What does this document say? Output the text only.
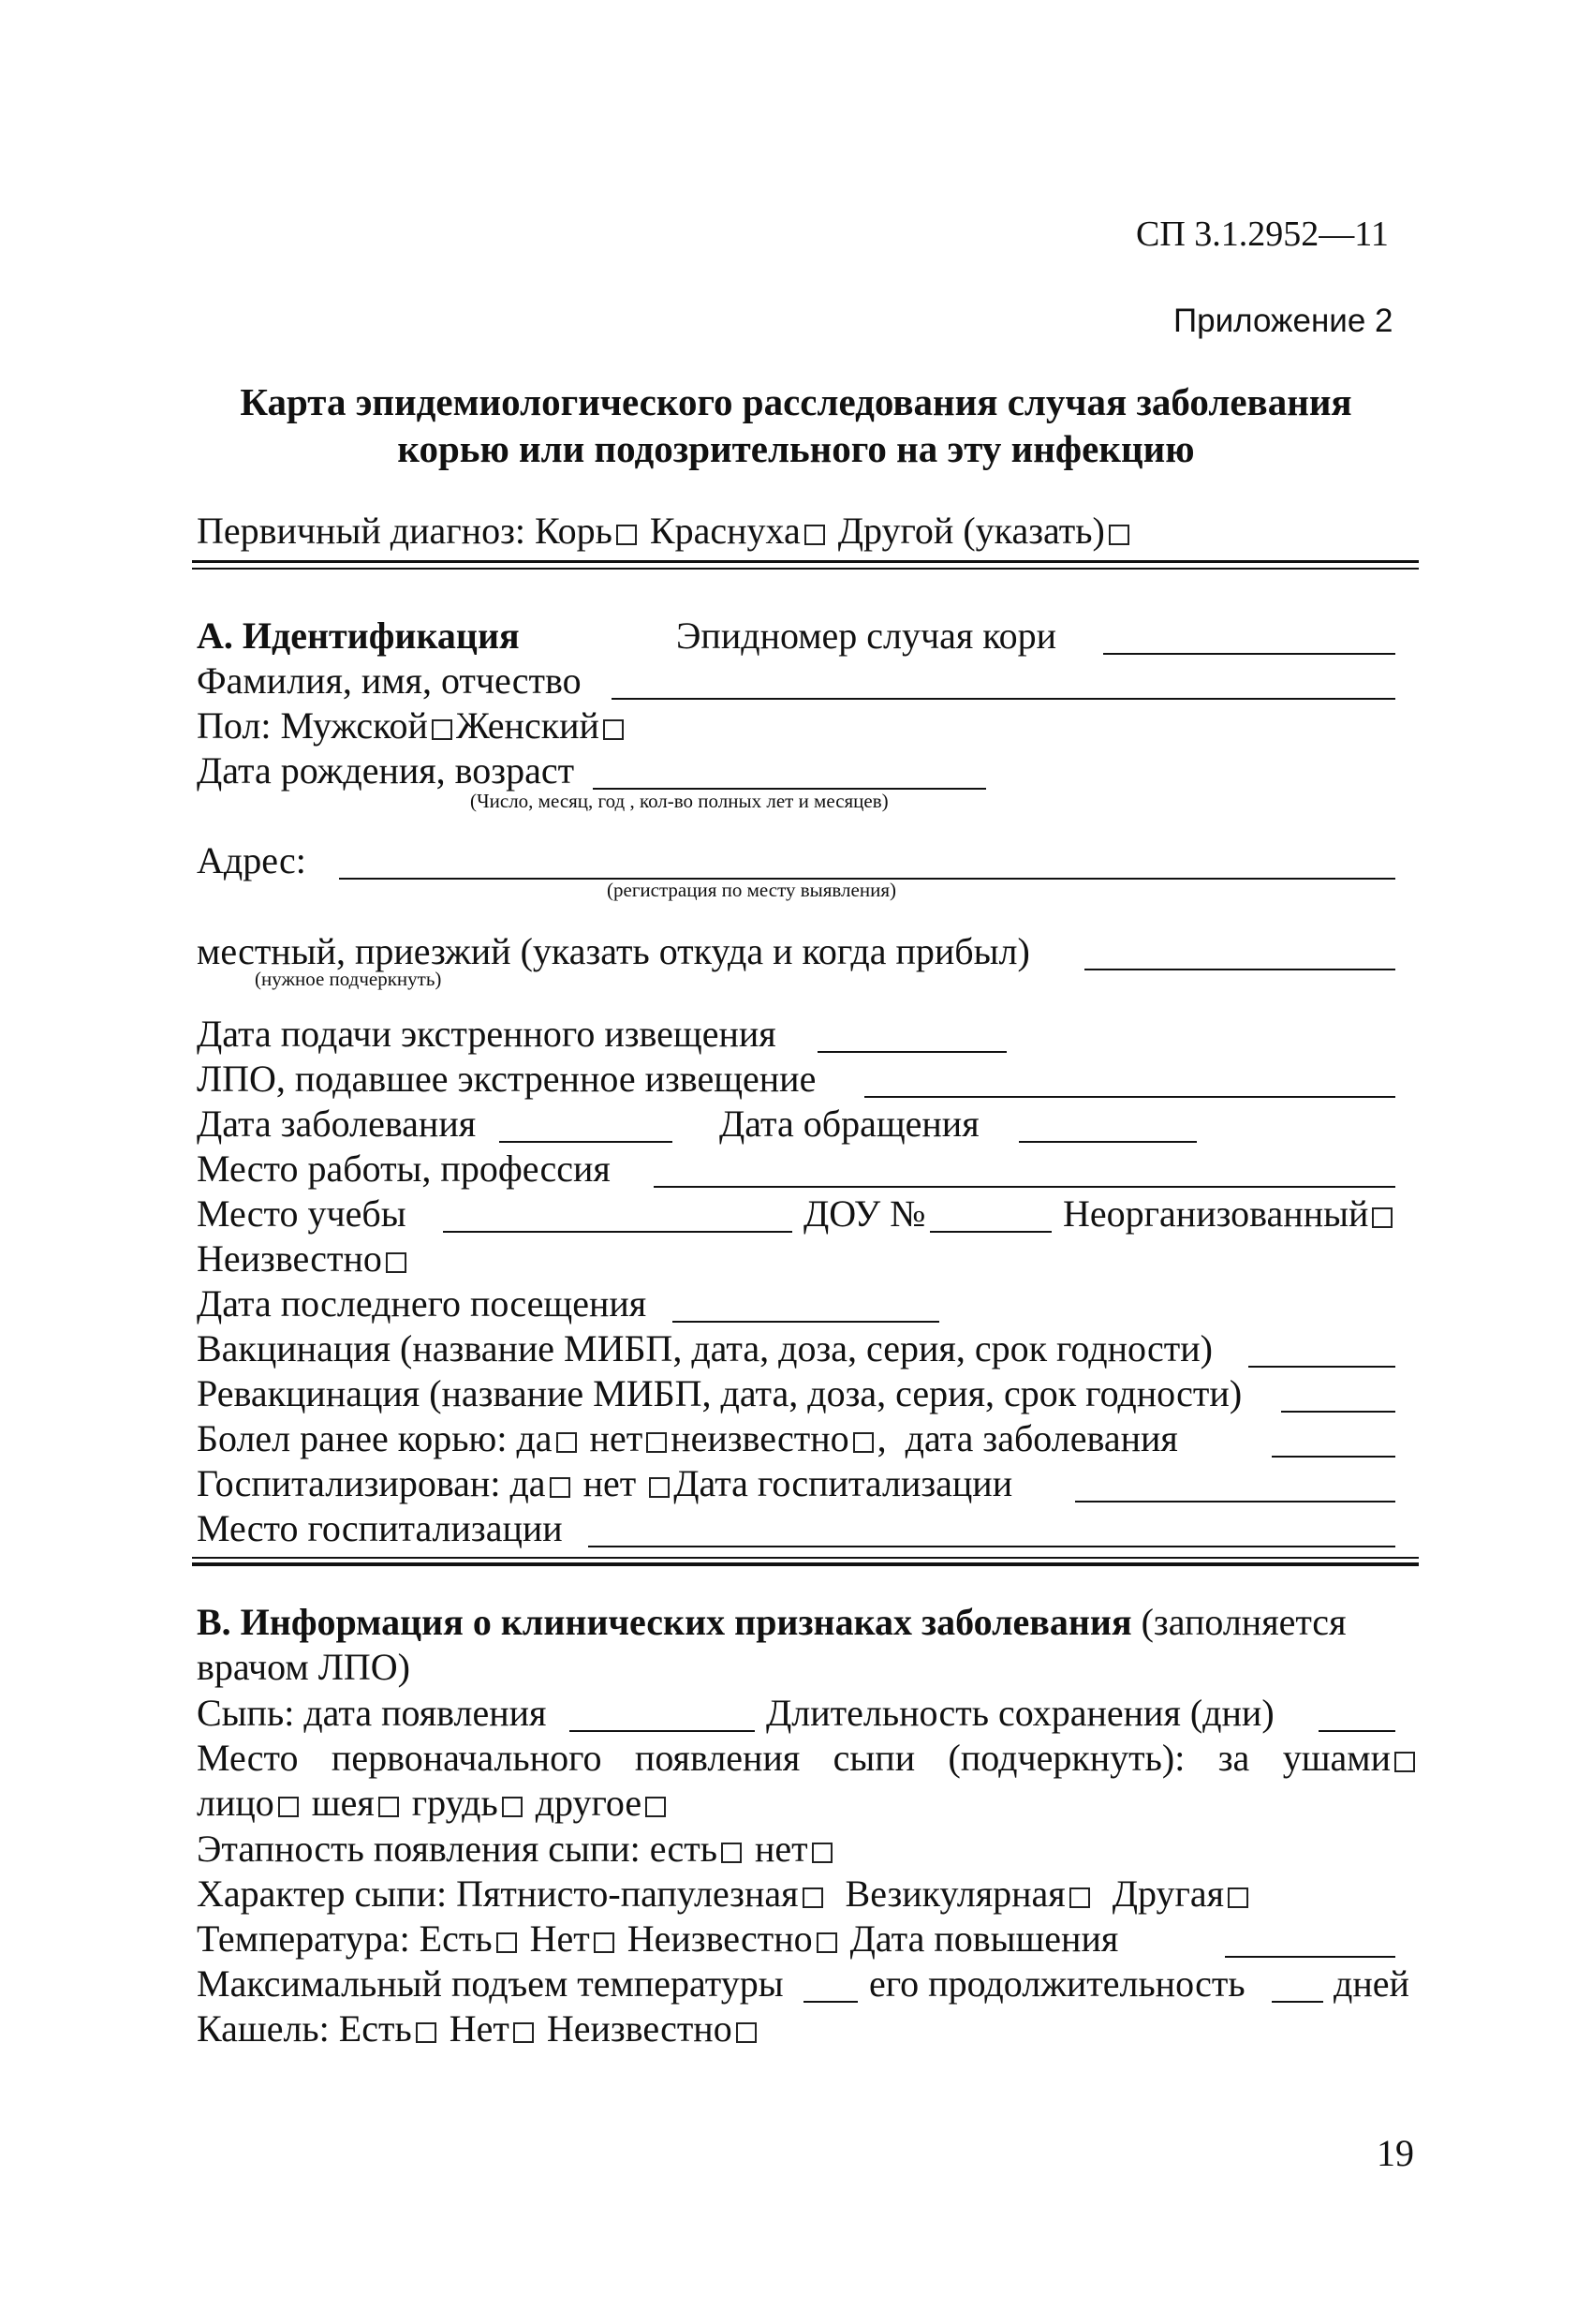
СП 3.1.2952—11
Приложение 2
Карта эпидемиологического расследования случая заболевания
корью или подозрительного на эту инфекцию
Первичный диагноз: Корь Краснуха Другой (указать)
А. Идентификация	Эпидномер случая кори
Фамилия, имя, отчество
Пол: Мужской Женский
Дата рождения, возраст
(Число, месяц, год , кол-во полных лет и месяцев)
Адрес:
(регистрация по месту выявления)
местный, приезжий (указать откуда и когда прибыл)
(нужное подчеркнуть)
Дата подачи экстренного извещения
ЛПО, подавшее экстренное извещение
Дата заболевания	Дата обращения
Место работы, профессия
Место учебы	ДОУ №	Неорганизованный
Неизвестно
Дата последнего посещения
Вакцинация (название МИБП, дата, доза, серия, срок годности)
Ревакцинация (название МИБП, дата, доза, серия, срок годности)
Болел ранее корью: да нет неизвестно , дата заболевания
Госпитализирован: да нет Дата госпитализации
Место госпитализации
В. Информация о клинических признаках заболевания (заполняется
врачом ЛПО)
Сыпь: дата появления	Длительность сохранения (дни)
Место первоначального появления сыпи (подчеркнуть): за ушами
лицо шея грудь другое
Этапность появления сыпи: есть нет
Характер сыпи: Пятнисто-папулезная Везикулярная Другая
Температура: Есть Нет Неизвестно Дата повышения
Максимальный подъем температуры его продолжительность дней
Кашель: Есть Нет Неизвестно
19
